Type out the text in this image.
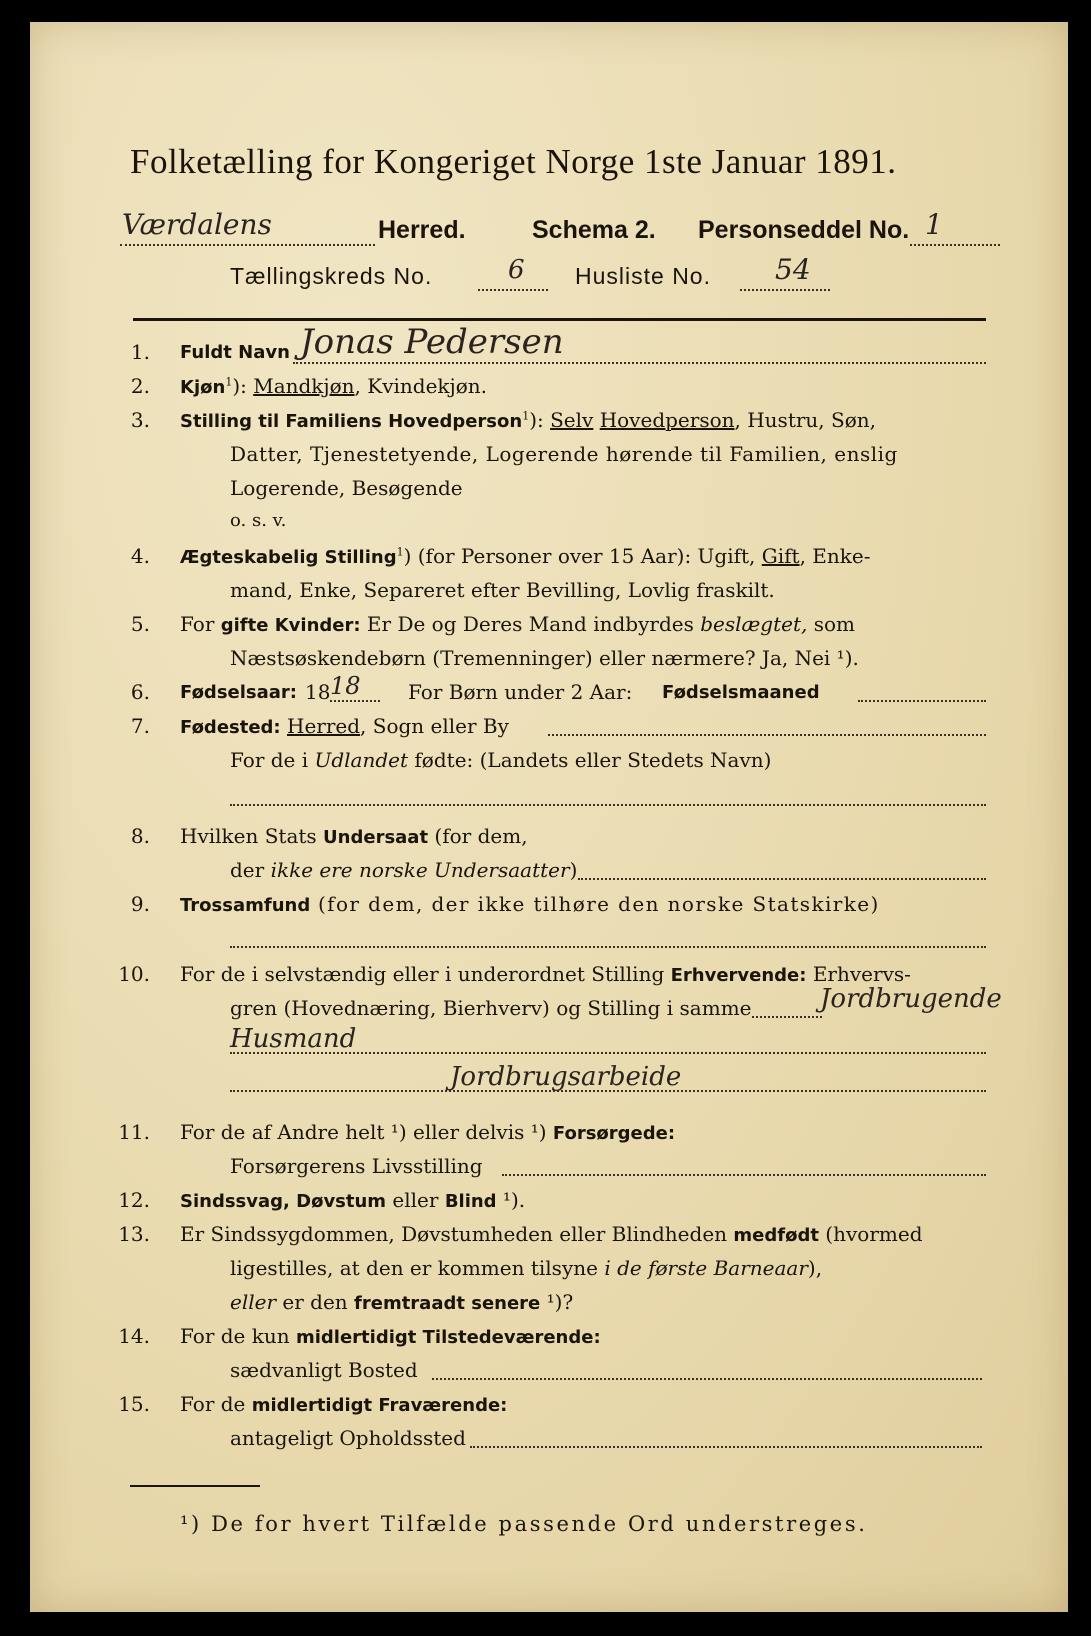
Folketælling for Kongeriget Norge 1ste Januar 1891.
Værdalens	Herred.	Schema 2. Personseddel No. 1
Tællingskreds No.	6 Husliste No. 54
1. Fuldt Navn Jonas Pedersen
2. Kjøn$^1$): Mandkjøn, Kvindekjøn.
3. Stilling til Familiens Hovedperson$^1$): Selv Hovedperson, Hustru, Søn,
Datter, Tjenestetyende, Logerende hørende til Familien, enslig
Logerende, Besøgende
o. s. v.
4. Ægteskabelig Stilling$^1$) (for Personer over 15 Aar): Ugift, Gift, Enke-
mand, Enke, Separeret efter Bevilling, Lovlig fraskilt.
5. For gifte Kvinder: Er De og Deres Mand indbyrdes beslægtet, som
Næstsøskendebørn (Tremenninger) eller nærmere? Ja, Nei ¹).
6. Fødselsaar: 18 18 For Børn under 2 Aar: Fødselsmaaned
7. Fødested: Herred, Sogn eller By
For de i Udlandet fødte: (Landets eller Stedets Navn)
8. Hvilken Stats Undersaat (for dem,
der ikke ere norske Undersaatter)
9. Trossamfund (for dem, der ikke tilhøre den norske Statskirke)
10. For de i selvstændig eller i underordnet Stilling Erhvervende: Erhvervs-
gren (Hovednæring, Bierhverv) og Stilling i samme	Jordbrugende
Husmand
Jordbrugsarbeide
11. For de af Andre helt ¹) eller delvis ¹) Forsørgede:
Forsørgerens Livsstilling
12. Sindssvag, Døvstum eller Blind ¹).
13. Er Sindssygdommen, Døvstumheden eller Blindheden medfødt (hvormed
ligestilles, at den er kommen tilsyne i de første Barneaar),
eller er den fremtraadt senere ¹)?
14. For de kun midlertidigt Tilstedeværende:
sædvanligt Bosted
15. For de midlertidigt Fraværende:
antageligt Opholdssted
¹) De for hvert Tilfælde passende Ord understreges.
